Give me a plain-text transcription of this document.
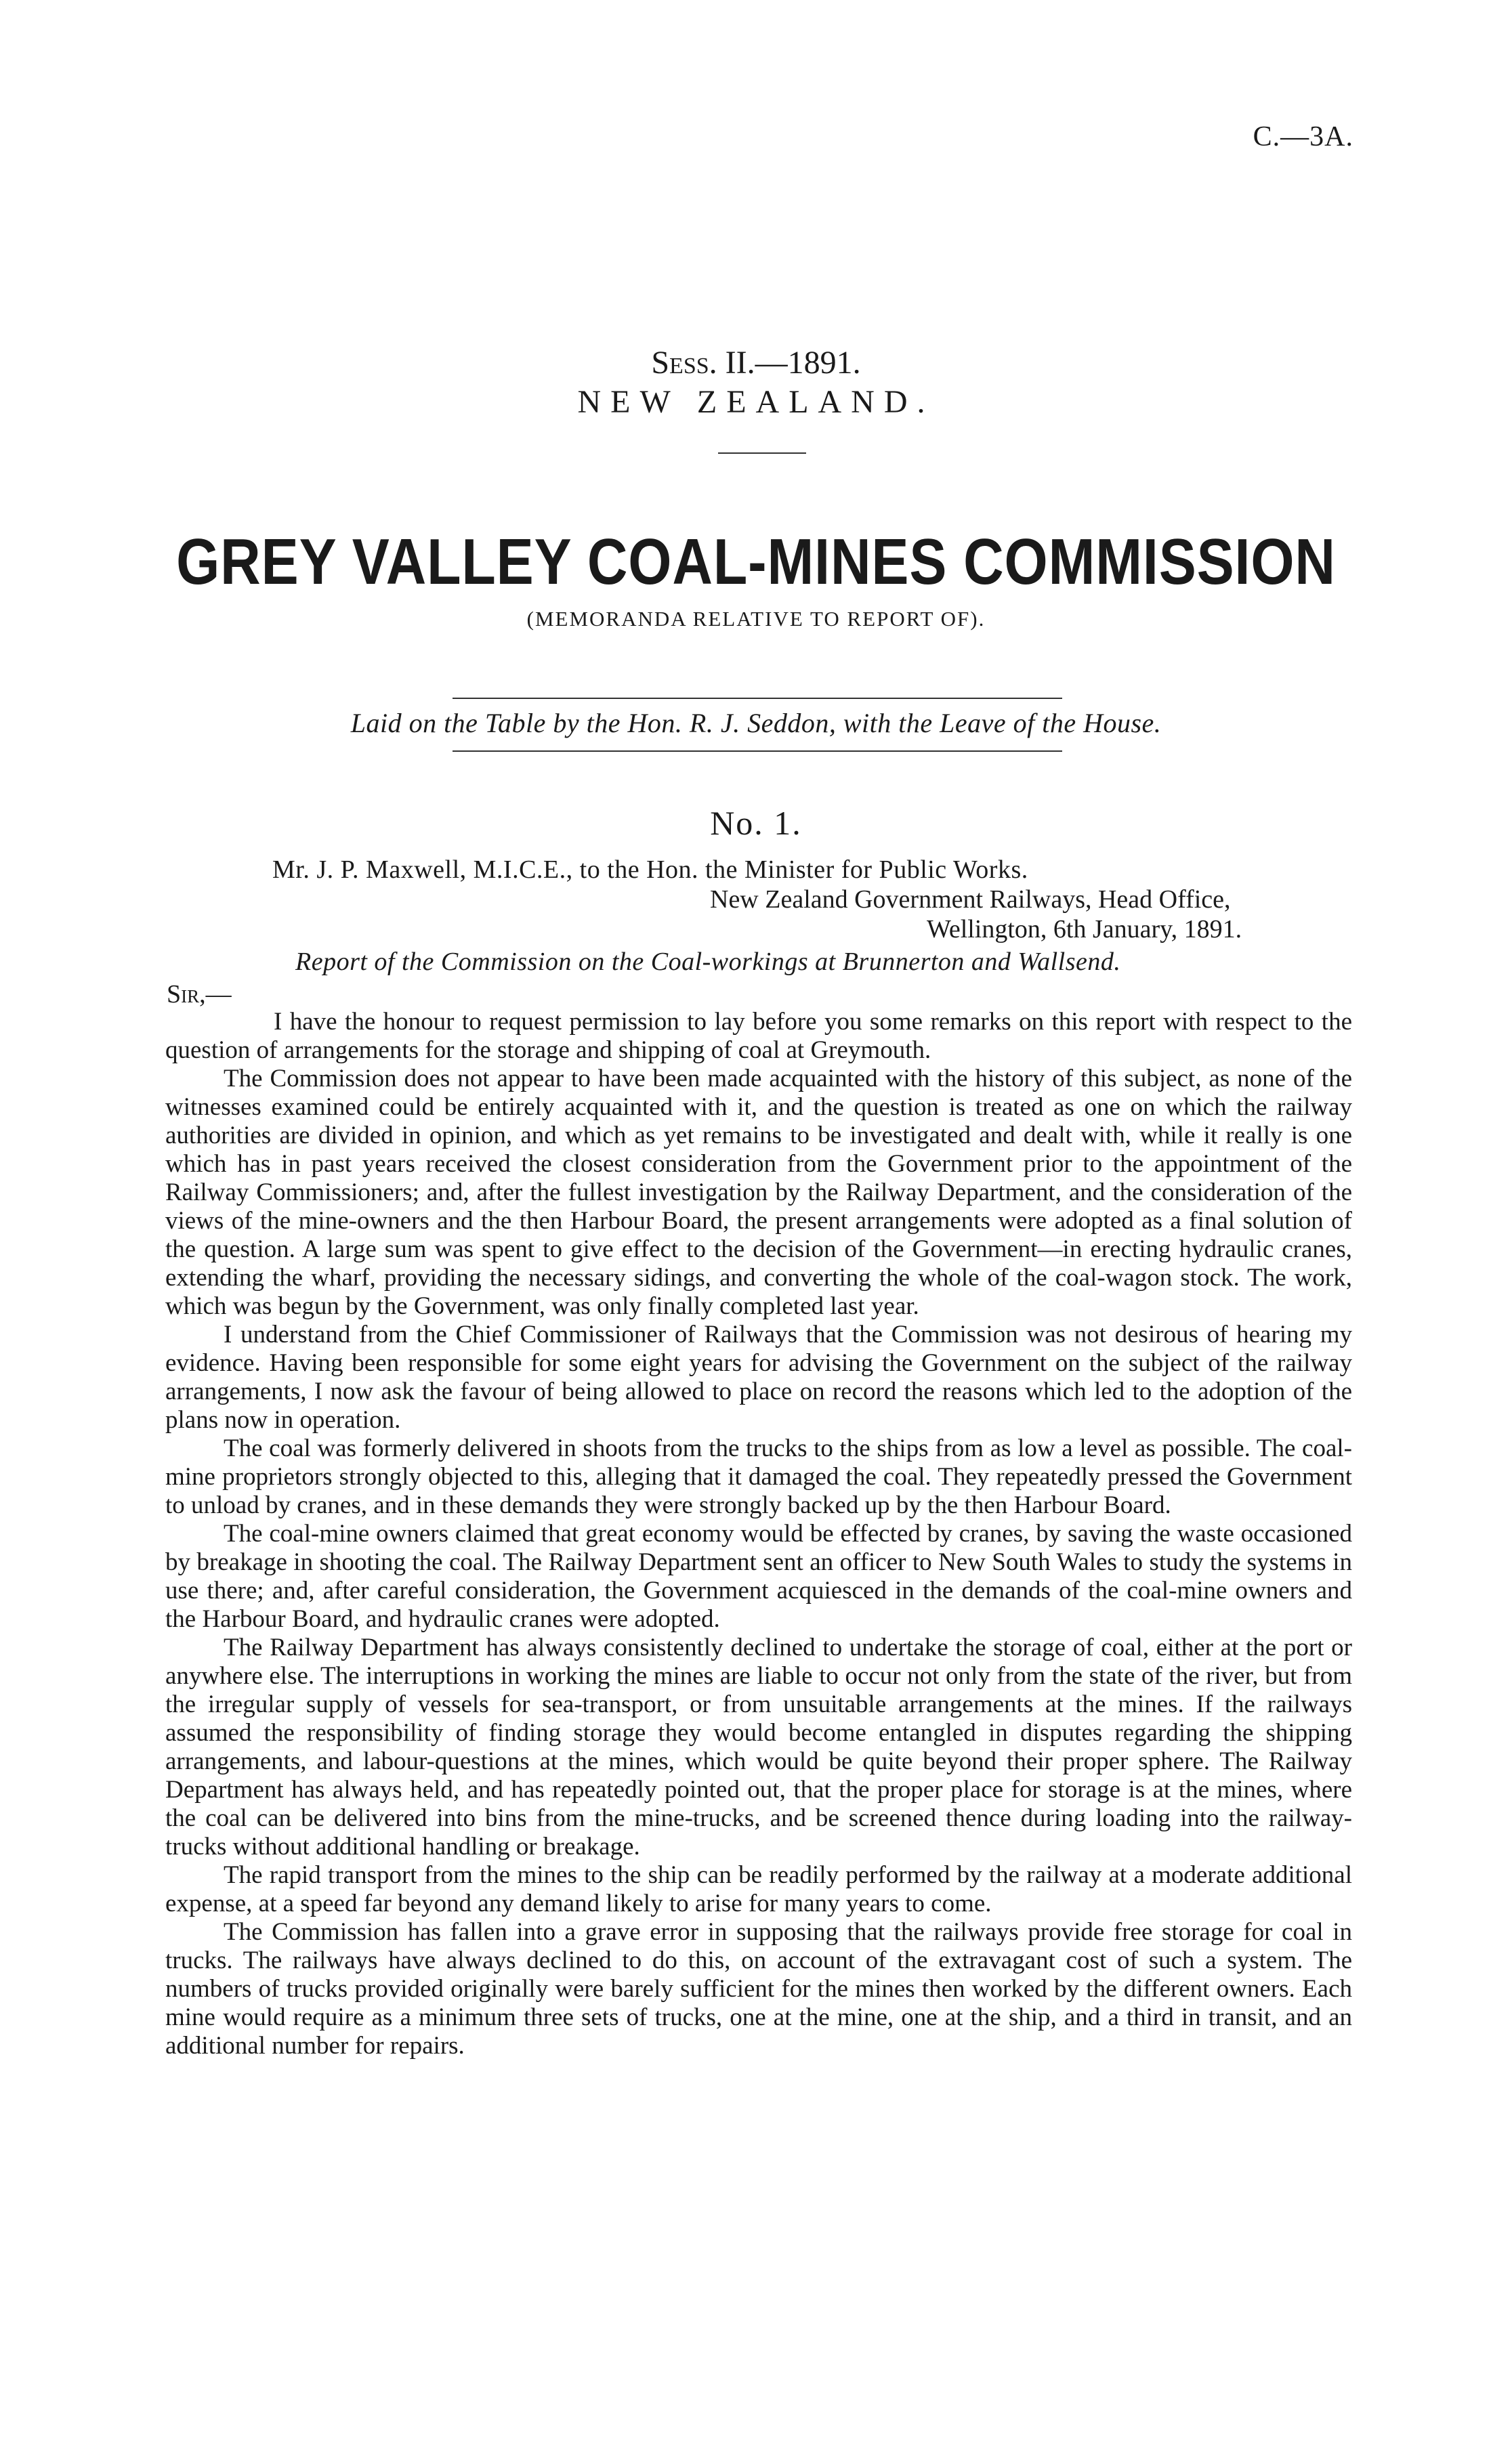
C.—3A.
Sess. II.—1891.
NEW ZEALAND.
GREY VALLEY COAL-MINES COMMISSION
(MEMORANDA RELATIVE TO REPORT OF).
Laid on the Table by the Hon. R. J. Seddon, with the Leave of the House.
No. 1.
Mr. J. P. Maxwell, M.I.C.E., to the Hon. the Minister for Public Works.
New Zealand Government Railways, Head Office,
Wellington, 6th January, 1891.
Report of the Commission on the Coal-workings at Brunnerton and Wallsend.
Sir,—

I have the honour to request permission to lay before you some remarks on this report with respect to the question of arrangements for the storage and shipping of coal at Greymouth.

The Commission does not appear to have been made acquainted with the history of this subject, as none of the witnesses examined could be entirely acquainted with it, and the question is treated as one on which the railway authorities are divided in opinion, and which as yet remains to be investigated and dealt with, while it really is one which has in past years received the closest consideration from the Government prior to the appointment of the Railway Commissioners; and, after the fullest investigation by the Railway Department, and the consideration of the views of the mine-owners and the then Harbour Board, the present arrangements were adopted as a final solution of the question. A large sum was spent to give effect to the decision of the Government—in erecting hydraulic cranes, extending the wharf, providing the necessary sidings, and converting the whole of the coal-wagon stock. The work, which was begun by the Government, was only finally completed last year.

I understand from the Chief Commissioner of Railways that the Commission was not desirous of hearing my evidence. Having been responsible for some eight years for advising the Government on the subject of the railway arrangements, I now ask the favour of being allowed to place on record the reasons which led to the adoption of the plans now in operation.

The coal was formerly delivered in shoots from the trucks to the ships from as low a level as possible. The coal-mine proprietors strongly objected to this, alleging that it damaged the coal. They repeatedly pressed the Government to unload by cranes, and in these demands they were strongly backed up by the then Harbour Board.

The coal-mine owners claimed that great economy would be effected by cranes, by saving the waste occasioned by breakage in shooting the coal. The Railway Department sent an officer to New South Wales to study the systems in use there; and, after careful consideration, the Government acquiesced in the demands of the coal-mine owners and the Harbour Board, and hydraulic cranes were adopted.

The Railway Department has always consistently declined to undertake the storage of coal, either at the port or anywhere else. The interruptions in working the mines are liable to occur not only from the state of the river, but from the irregular supply of vessels for sea-transport, or from unsuitable arrangements at the mines. If the railways assumed the responsibility of finding storage they would become entangled in disputes regarding the shipping arrangements, and labour-questions at the mines, which would be quite beyond their proper sphere. The Railway Department has always held, and has repeatedly pointed out, that the proper place for storage is at the mines, where the coal can be delivered into bins from the mine-trucks, and be screened thence during loading into the railway-trucks without additional handling or breakage.

The rapid transport from the mines to the ship can be readily performed by the railway at a moderate additional expense, at a speed far beyond any demand likely to arise for many years to come.

The Commission has fallen into a grave error in supposing that the railways provide free storage for coal in trucks. The railways have always declined to do this, on account of the extravagant cost of such a system. The numbers of trucks provided originally were barely sufficient for the mines then worked by the different owners. Each mine would require as a minimum three sets of trucks, one at the mine, one at the ship, and a third in transit, and an additional number for repairs.
